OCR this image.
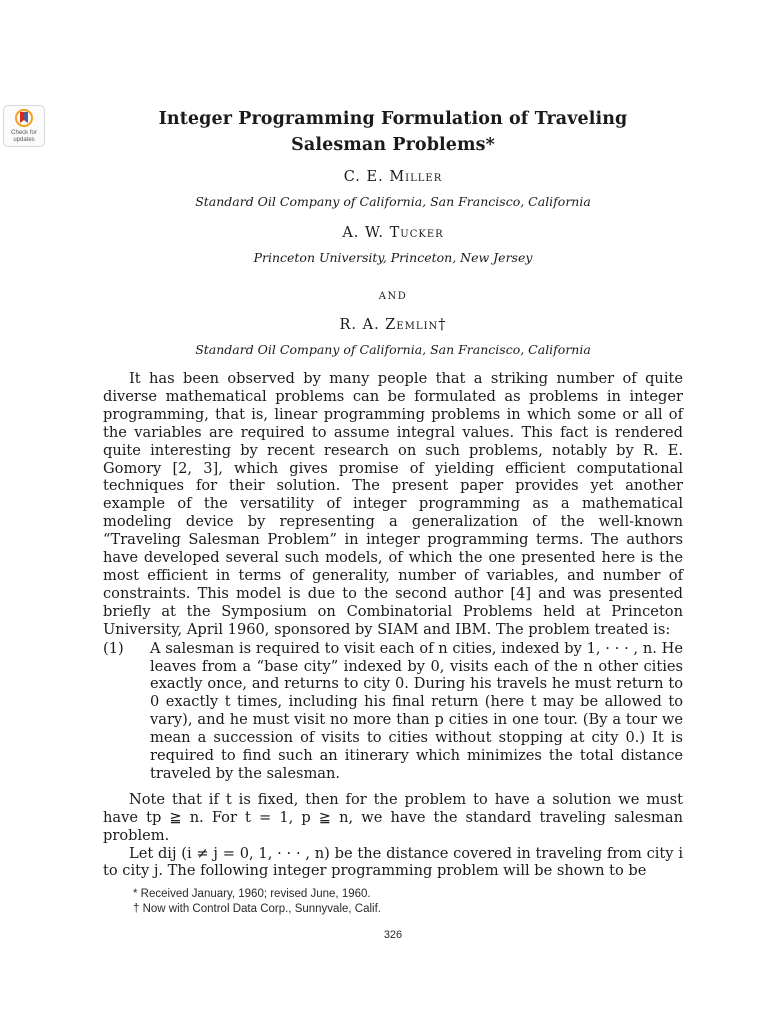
Check for
updates
Integer Programming Formulation of Traveling
Salesman Problems*
C. E. Miller
Standard Oil Company of California, San Francisco, California
A. W. Tucker
Princeton University, Princeton, New Jersey
AND
R. A. Zemlin†
Standard Oil Company of California, San Francisco, California

It has been observed by many people that a striking number of quite diverse mathematical problems can be formulated as problems in integer programming, that is, linear programming problems in which some or all of the variables are required to assume integral values. This fact is rendered quite interesting by recent research on such problems, notably by R. E. Gomory [2, 3], which gives promise of yielding efficient computational techniques for their solution. The present paper provides yet another example of the versatility of integer programming as a mathematical modeling device by representing a generalization of the well-known “Traveling Salesman Problem” in integer programming terms. The authors have developed several such models, of which the one presented here is the most efficient in terms of generality, number of variables, and number of constraints. This model is due to the second author [4] and was presented briefly at the Symposium on Combinatorial Problems held at Princeton University, April 1960, sponsored by SIAM and IBM. The problem treated is:

(1) A salesman is required to visit each of n cities, indexed by 1, · · · , n. He leaves from a “base city” indexed by 0, visits each of the n other cities exactly once, and returns to city 0. During his travels he must return to 0 exactly t times, including his final return (here t may be allowed to vary), and he must visit no more than p cities in one tour. (By a tour we mean a succession of visits to cities without stopping at city 0.) It is required to find such an itinerary which minimizes the total distance traveled by the salesman.

Note that if t is fixed, then for the problem to have a solution we must have tp ≧ n. For t = 1, p ≧ n, we have the standard traveling salesman problem.

Let dij (i ≠ j = 0, 1, · · · , n) be the distance covered in traveling from city i to city j. The following integer programming problem will be shown to be

* Received January, 1960; revised June, 1960.
† Now with Control Data Corp., Sunnyvale, Calif.
326
